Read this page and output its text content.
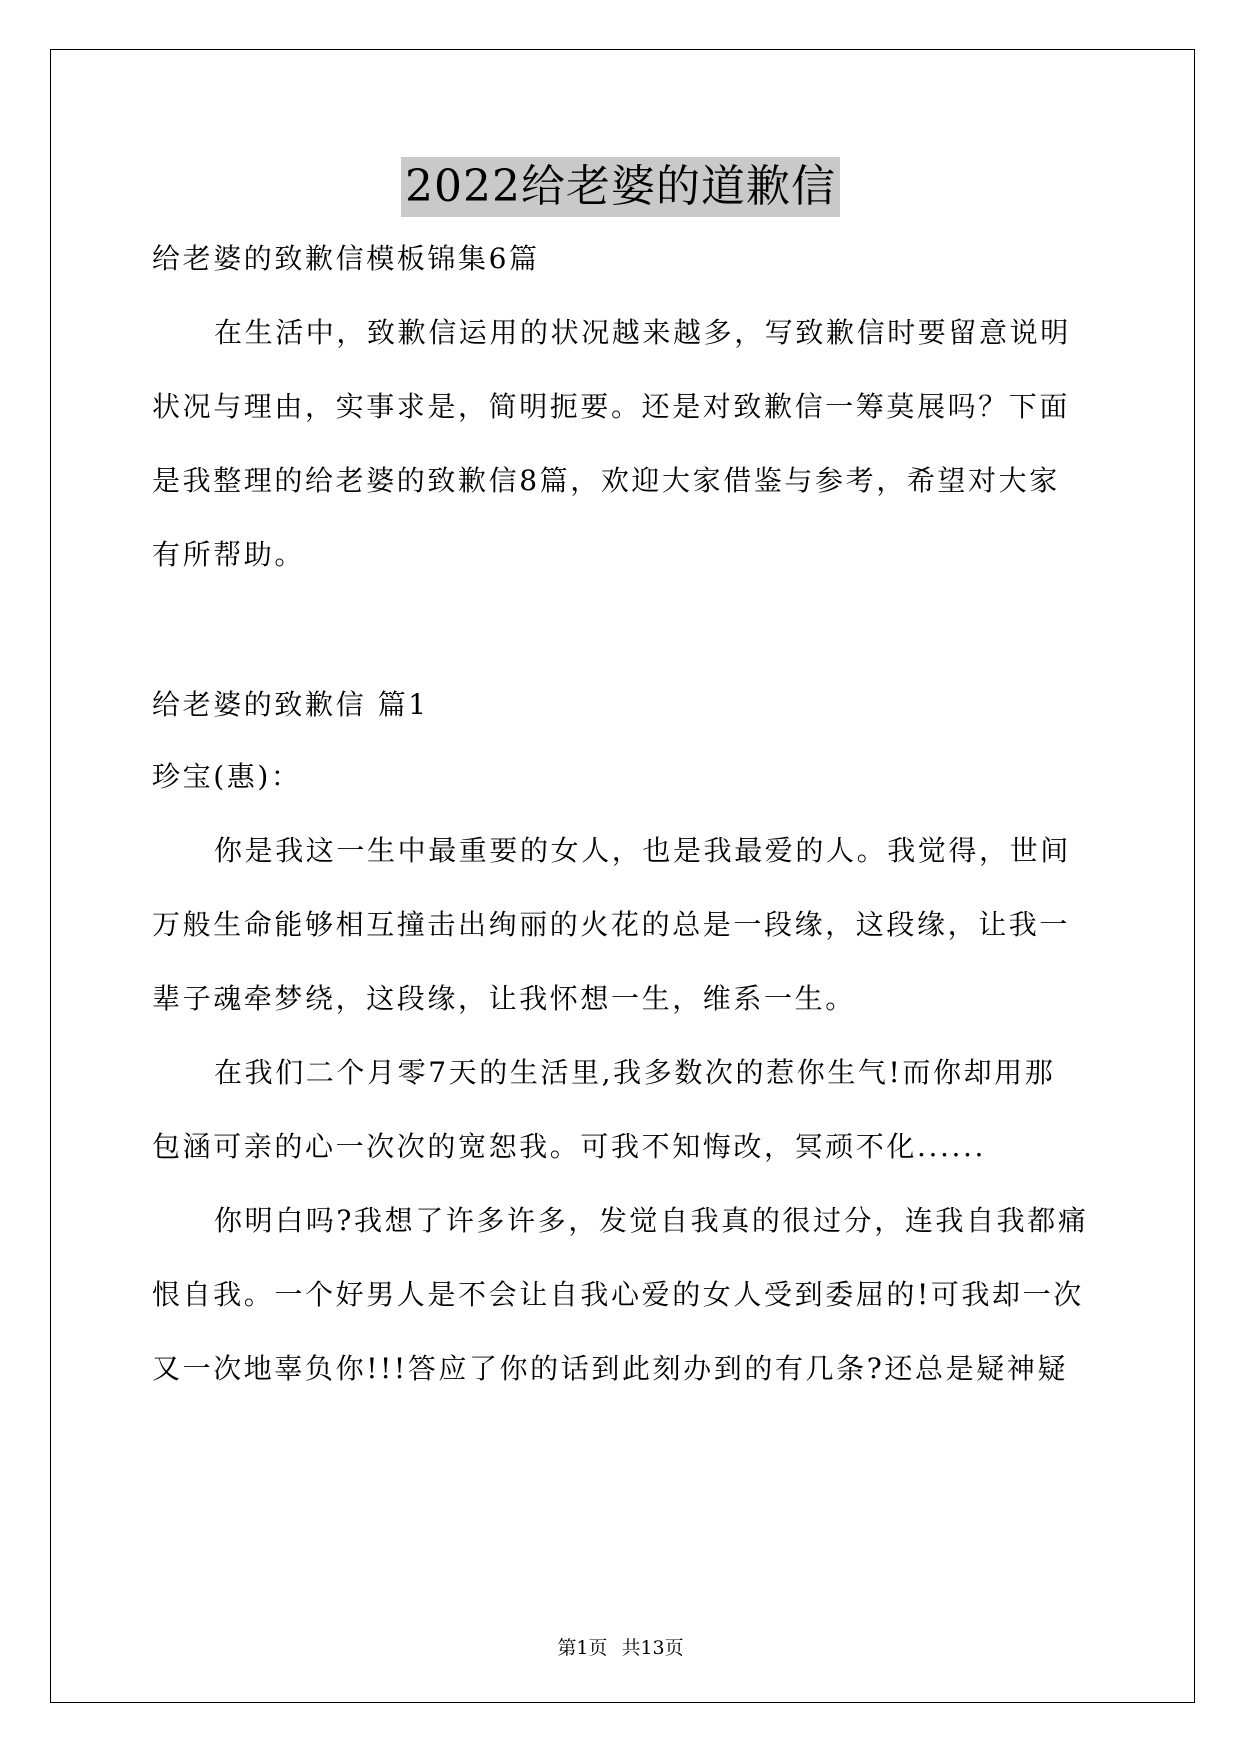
2022给老婆的道歉信
给老婆的致歉信模板锦集6篇
在生活中，致歉信运用的状况越来越多，写致歉信时要留意说明
状况与理由，实事求是，简明扼要。还是对致歉信一筹莫展吗？下面
是我整理的给老婆的致歉信8篇，欢迎大家借鉴与参考，希望对大家
有所帮助。
给老婆的致歉信 篇1
珍宝(惠)：
你是我这一生中最重要的女人，也是我最爱的人。我觉得，世间
万般生命能够相互撞击出绚丽的火花的总是一段缘，这段缘，让我一
辈子魂牵梦绕，这段缘，让我怀想一生，维系一生。
在我们二个月零7天的生活里,我多数次的惹你生气!而你却用那
包涵可亲的心一次次的宽恕我。可我不知悔改，冥顽不化......
你明白吗?我想了许多许多，发觉自我真的很过分，连我自我都痛
恨自我。一个好男人是不会让自我心爱的女人受到委屈的!可我却一次
又一次地辜负你!!!答应了你的话到此刻办到的有几条?还总是疑神疑
第1页 共13页
